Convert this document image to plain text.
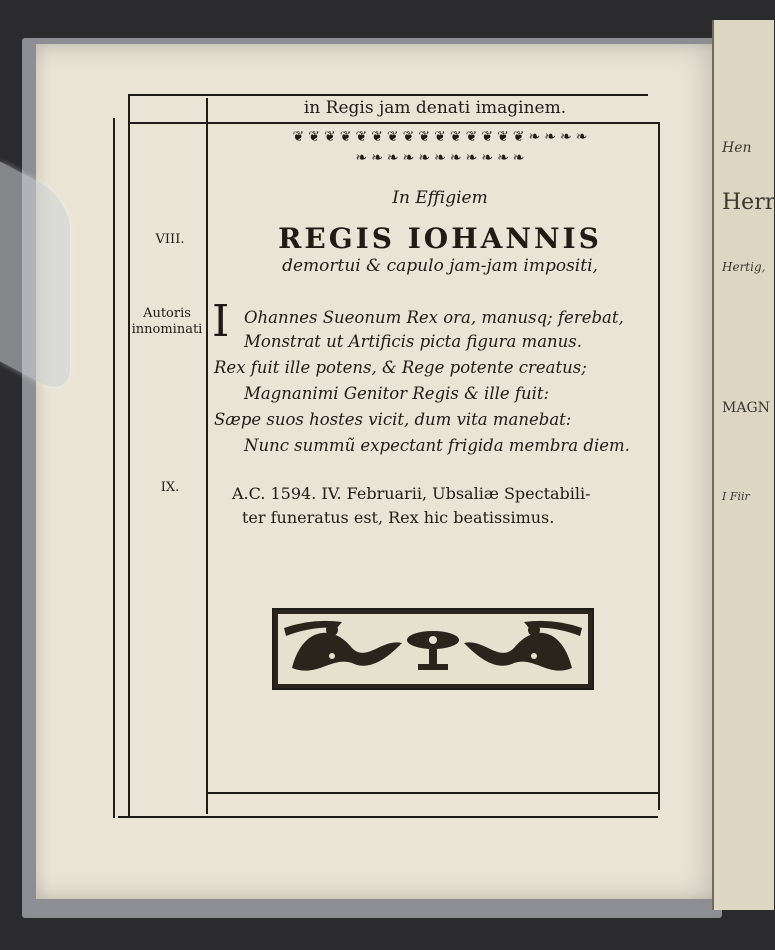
Hen
Herr
Hertig,
MAGN
I Fiir
in Regis jam denati imaginem.
❦ ❦ ❦ ❦ ❦ ❦ ❦ ❦ ❦ ❦ ❦ ❦ ❦ ❦ ❦ ❧ ❧ ❧ ❧
❧ ❧ ❧ ❧ ❧ ❧ ❧ ❧ ❧ ❧ ❧
In Effigiem
REGIS IOHANNIS
demortui & capulo jam-jam impositi,
VIII.
Autoris
innominati
IX.
I Ohannes Sueonum Rex ora, manusq; ferebat,
Monstrat ut Artificis picta figura manus.
Rex fuit ille potens, & Rege potente creatus;
Magnanimi Genitor Regis & ille fuit:
Sæpe suos hostes vicit, dum vita manebat:
Nunc summũ expectant frigida membra diem.
A.C. 1594. IV. Februarii, Ubsaliæ Spectabili-
ter funeratus est, Rex hic beatissimus.
